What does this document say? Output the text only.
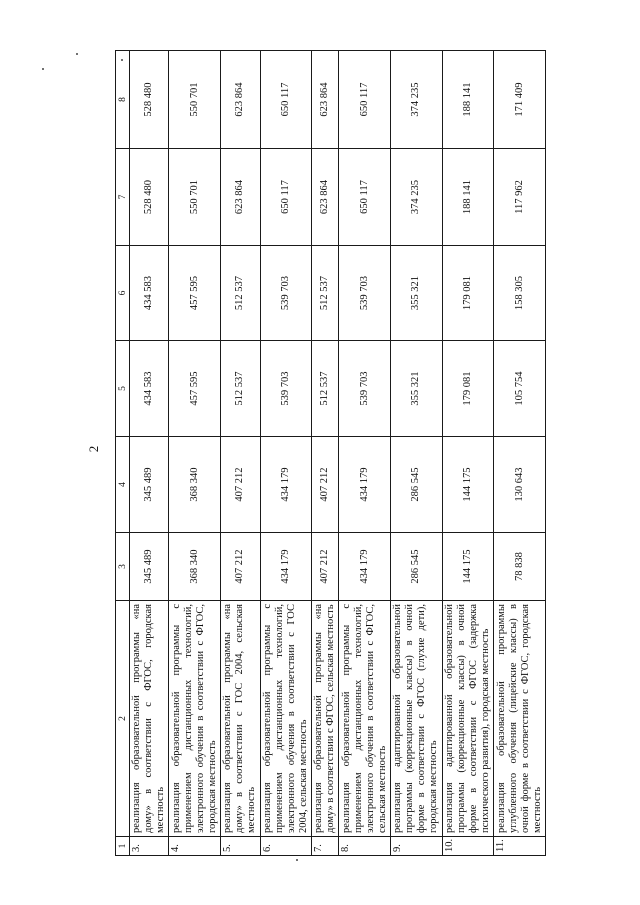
2
1	2	3	4	5	6	7	8
3.	реализация образовательной программы «на дому» в соответствии с ФГОС, городская местность	345 489	345 489	434 583	434 583	528 480	528 480
4.	реализация образовательной программы с применением дистанционных технологий, электронного обучения в соответствии с ФГОС, городская местность	368 340	368 340	457 595	457 595	550 701	550 701
5.	реализация образовательной программы «на дому» в соответствии с ГОС 2004, сельская местность	407 212	407 212	512 537	512 537	623 864	623 864
6.	реализация образовательной программы с применением дистанционных технологий, электронного обучения в соответствии с ГОС 2004, сельская местность	434 179	434 179	539 703	539 703	650 117	650 117
7.	реализация образовательной программы «на дому» в соответствии с ФГОС, сельская местность	407 212	407 212	512 537	512 537	623 864	623 864
8.	реализация образовательной программы с применением дистанционных технологий, электронного обучения в соответствии с ФГОС, сельская местность	434 179	434 179	539 703	539 703	650 117	650 117
9.	реализация адаптированной образовательной программы (коррекционные классы) в очной форме в соответствии с ФГОС (глухие дети), городская местность	286 545	286 545	355 321	355 321	374 235	374 235
10.	реализация адаптированной образовательной программы (коррекционные классы) в очной форме в соответствии с ФГОС (задержка психического развития), городская местность	144 175	144 175	179 081	179 081	188 141	188 141
11.	реализация образовательной программы углубленного обучения (лицейские классы) в очной форме в соответствии с ФГОС, городская местность	78 838	130 643	105 754	158 305	117 962	171 409
